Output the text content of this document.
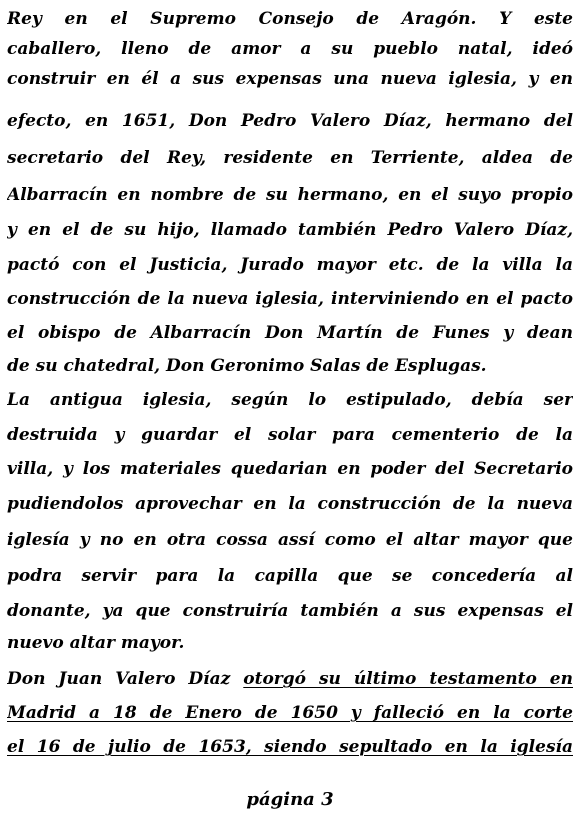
Rey en el Supremo Consejo de Aragón. Y este
caballero, lleno de amor a su pueblo natal, ideó
construir en él a sus expensas una nueva iglesia, y en
efecto, en 1651, Don Pedro Valero Díaz, hermano del
secretario del Rey, residente en Terriente, aldea de
Albarracín en nombre de su hermano, en el suyo propio
y en el de su hijo, llamado también Pedro Valero Díaz,
pactó con el Justicia, Jurado mayor etc. de la villa la
construcción de la nueva iglesia, interviniendo en el pacto
el obispo de Albarracín Don Martín de Funes y dean
de su chatedral, Don Geronimo Salas de Esplugas.
La antigua iglesia, según lo estipulado, debía ser
destruida y guardar el solar para cementerio de la
villa, y los materiales quedarian en poder del Secretario
pudiendolos aprovechar en la construcción de la nueva
iglesía y no en otra cossa assí como el altar mayor que
podra servir para la capilla que se concedería al
donante, ya que construiría también a sus expensas el
nuevo altar mayor.
Don Juan Valero Díaz otorgó su último testamento en
Madrid a 18 de Enero de 1650 y falleció en la corte
el 16 de julio de 1653, siendo sepultado en la iglesía
página 3
